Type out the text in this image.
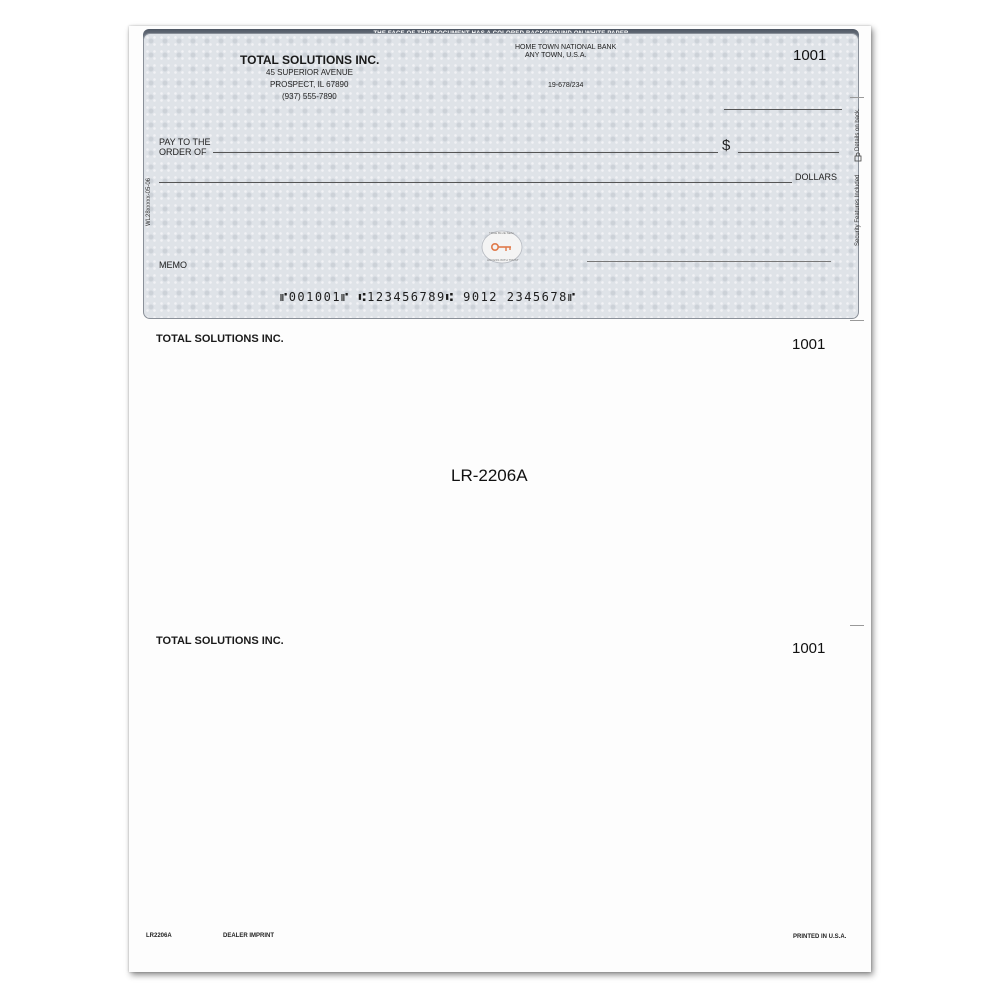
TOTAL SOLUTIONS INC.
45 SUPERIOR AVENUE
PROSPECT, IL 67890
(937) 555-7890
HOME TOWN NATIONAL BANK
ANY TOWN, U.S.A.
19-678/234
1001
PAY TO THE
ORDER OF	$
DOLLARS
TRUE BLUE SEAL
ACCESS WITH TRUST
MEMO
⑈001001⑈ ⑆123456789⑆ 9012 2345678⑈
WL28xxxxx-05-06	Security Features Included
Details on back.
TOTAL SOLUTIONS INC.	1001
LR-2206A
TOTAL SOLUTIONS INC.	1001
LR2206A	DEALER IMPRINT	PRINTED IN U.S.A.
